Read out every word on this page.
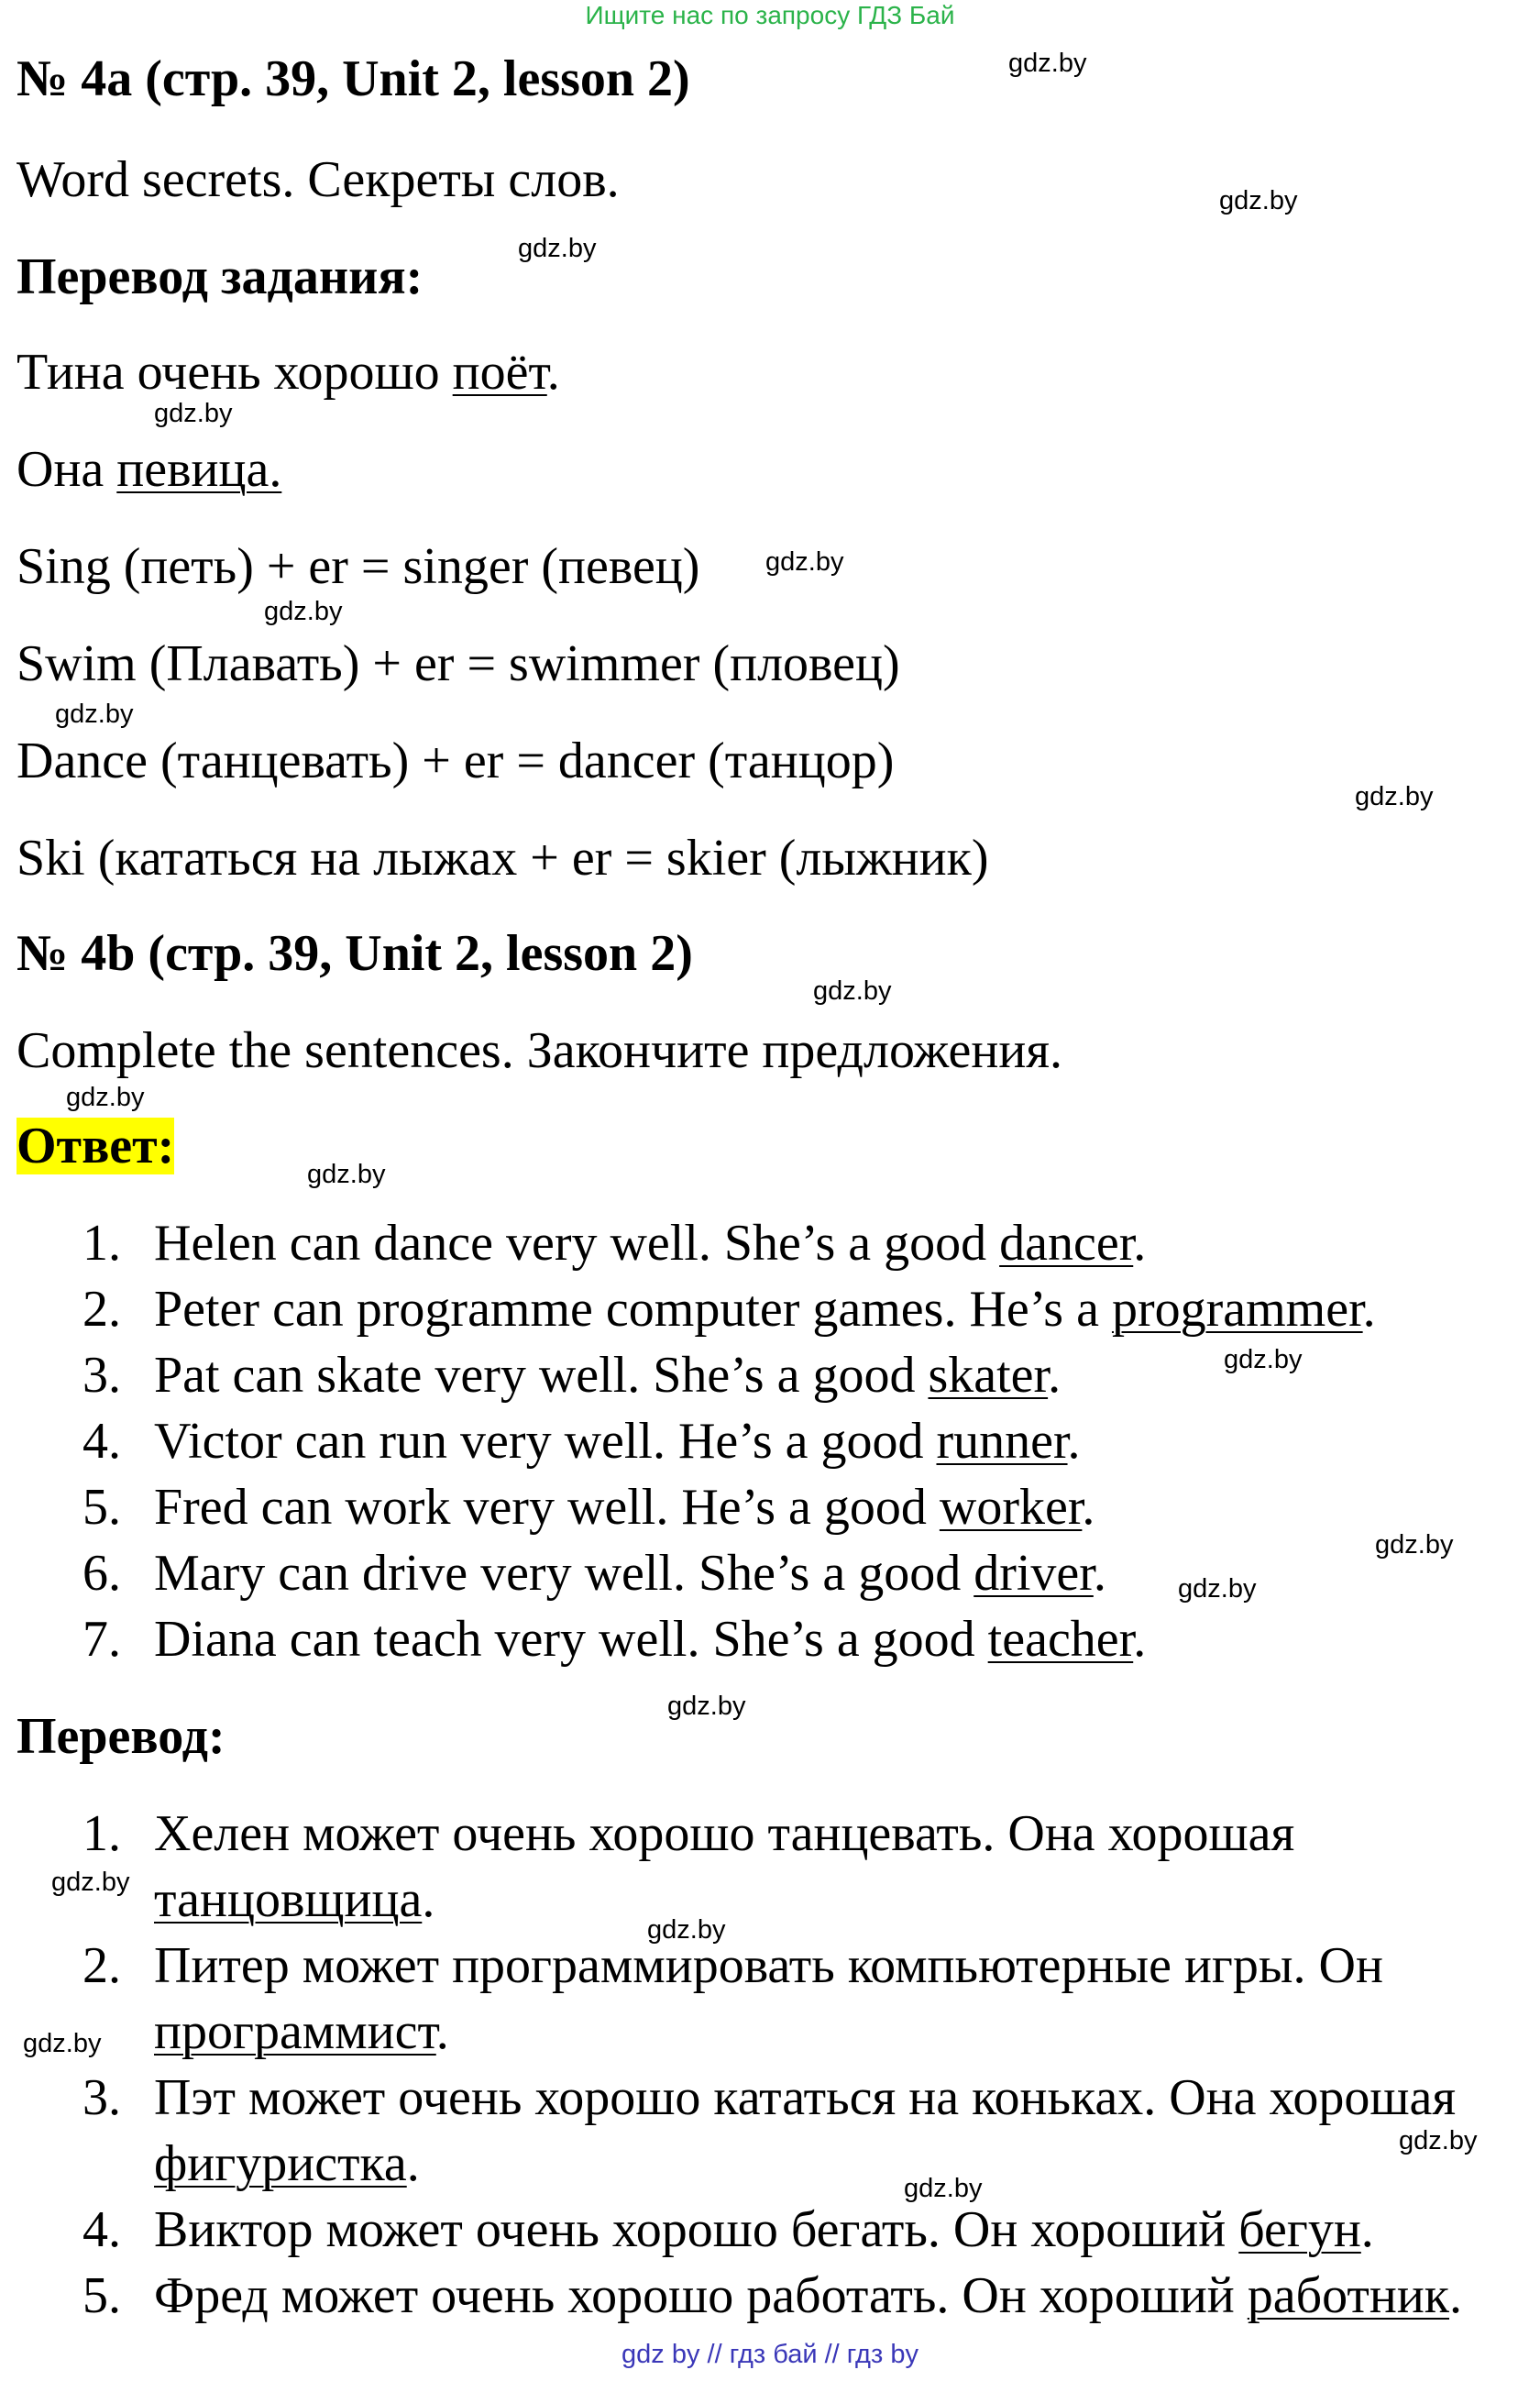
Ищите нас по запросу ГДЗ Бай
№ 4a (стр. 39, Unit 2, lesson 2)
Word secrets. Секреты слов.
Перевод задания:
Тина очень хорошо поёт.
Она певица.
Sing (петь) + er = singer (певец)
Swim (Плавать) + er = swimmer (пловец)
Dance (танцевать) + er = dancer (танцор)
Ski (кататься на лыжах + er = skier (лыжник)
№ 4b (стр. 39, Unit 2, lesson 2)
Complete the sentences. Закончите предложения.
Ответ:
1. Helen can dance very well. She’s a good dancer.
2. Peter can programme computer games. He’s a programmer.
3. Pat can skate very well. She’s a good skater.
4. Victor can run very well. He’s a good runner.
5. Fred can work very well. He’s a good worker.
6. Mary can drive very well. She’s a good driver.
7. Diana can teach very well. She’s a good teacher.
Перевод:
1. Хелен может очень хорошо танцевать. Она хорошая
танцовщица.
2. Питер может программировать компьютерные игры. Он
программист.
3. Пэт может очень хорошо кататься на коньках. Она хорошая
фигуристка.
4. Виктор может очень хорошо бегать. Он хороший бегун.
5. Фред может очень хорошо работать. Он хороший работник.
gdz.by
gdz.by
gdz.by
gdz.by
gdz.by
gdz.by
gdz.by
gdz.by
gdz.by
gdz.by
gdz.by
gdz.by
gdz.by
gdz.by
gdz.by
gdz.by
gdz.by
gdz.by
gdz.by
gdz.by
gdz by // гдз бай // гдз by
